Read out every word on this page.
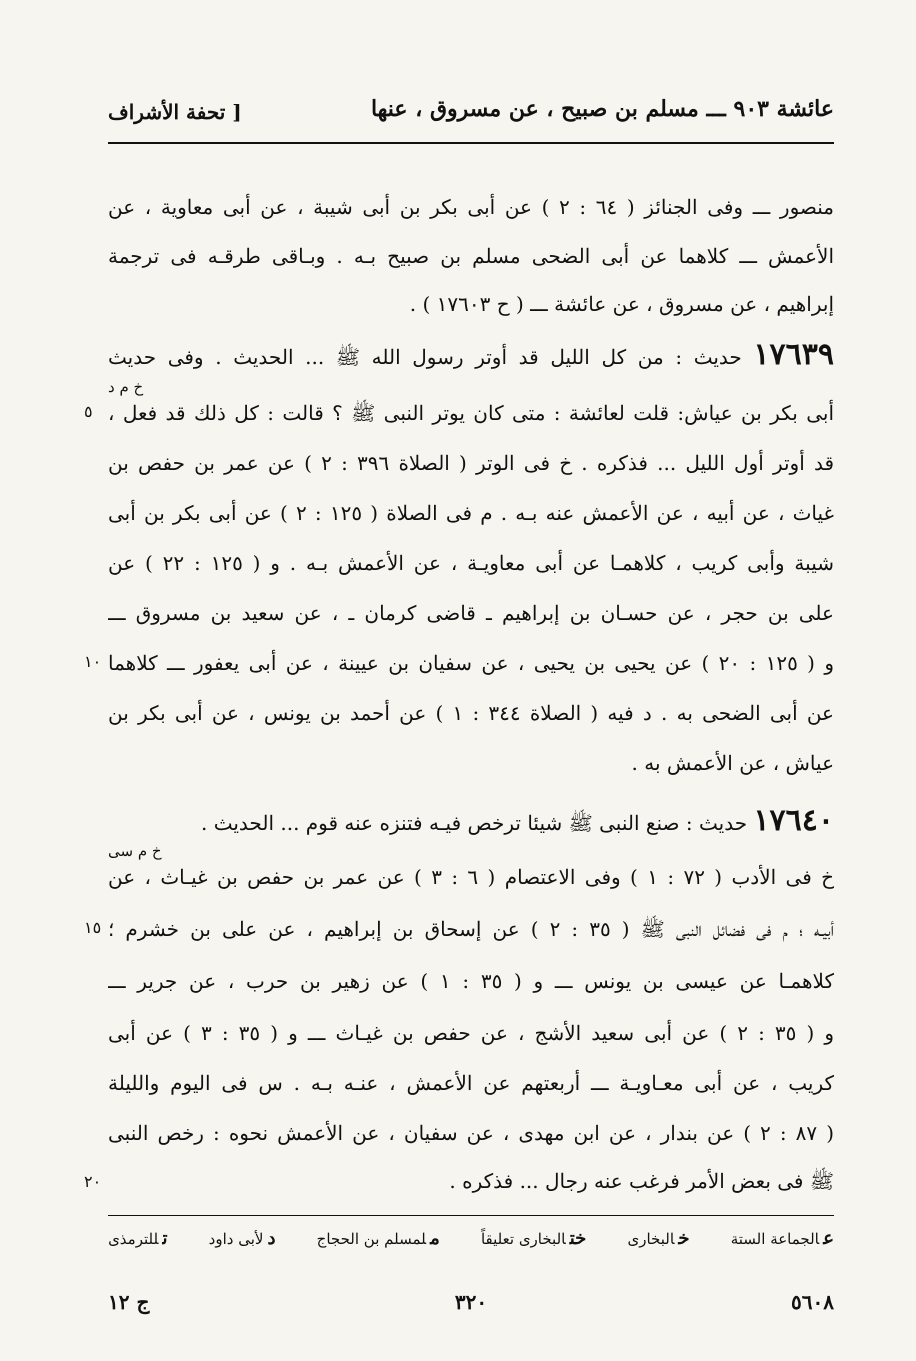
عائشة ٩٠٣ ـــ مسلم بن صبيح ، عن مسروق ، عنها
[ تحفة الأشراف
منصور ـــ وفى الجنائز ( ٦٤ : ٢ ) عن أبى بكر بن أبى شيبة ، عن أبى معاوية ، عن
الأعمش ـــ كلاهما عن أبى الضحى مسلم بن صبيح بـه . وبـاقى طرقـه فى ترجمة
إبراهيم ، عن مسروق ، عن عائشة ـــ ( ح ١٧٦٠٣ ) .
١٧٦٣٩ حديث : من كل الليل قد أوتر رسول الله ﷺ ... الحديث . وفى حديث
خ م د
أبى بكر بن عياش: قلت لعائشة : متى كان يوتر النبى ﷺ ؟ قالت : كل ذلك قد فعل ،
٥
قد أوتر أول الليل ... فذكره . خ فى الوتر ( الصلاة ٣٩٦ : ٢ ) عن عمر بن حفص بن
غياث ، عن أبيه ، عن الأعمش عنه بـه . م فى الصلاة ( ١٢٥ : ٢ ) عن أبى بكر بن أبى
شيبة وأبى كريب ، كلاهمـا عن أبى معاويـة ، عن الأعمش بـه . و ( ١٢٥ : ٢٢ ) عن
على بن حجر ، عن حسـان بن إبراهيم ـ قاضى كرمان ـ ، عن سعيد بن مسروق ـــ
و ( ١٢٥ : ٢٠ ) عن يحيى بن يحيى ، عن سفيان بن عيينة ، عن أبى يعفور ـــ كلاهما
١٠
عن أبى الضحى به . د فيه ( الصلاة ٣٤٤ : ١ ) عن أحمد بن يونس ، عن أبى بكر بن
عياش ، عن الأعمش به .
١٧٦٤٠ حديث : صنع النبى ﷺ شيئا ترخص فيـه فتنزه عنه قوم ... الحديث .
خ م سى
خ فى الأدب ( ٧٢ : ١ ) وفى الاعتصام ( ٦ : ٣ ) عن عمر بن حفص بن غيـاث ، عن
أبيـه ؛ م فى فضائل النبى ﷺ ( ٣٥ : ٢ ) عن إسحاق بن إبراهيم ، عن على بن خشرم ؛
١٥
كلاهمـا عن عيسى بن يونس ـــ و ( ٣٥ : ١ ) عن زهير بن حرب ، عن جرير ـــ
و ( ٣٥ : ٢ ) عن أبى سعيد الأشج ، عن حفص بن غيـاث ـــ و ( ٣٥ : ٣ ) عن أبى
كريب ، عن أبى معـاويـة ـــ أربعتهم عن الأعمش ، عنـه بـه . س فى اليوم والليلة
( ٨٧ : ٢ ) عن بندار ، عن ابن مهدى ، عن سفيان ، عن الأعمش نحوه : رخص النبى
ﷺ فى بعض الأمر فرغب عنه رجال ... فذكره .
٢٠
عالجماعة الستة
خالبخارى
ختالبخارى تعليقاً
ملمسلم بن الحجاج
دلأبى داود
تللترمذى
٥٦٠٨
٣٢٠
ج ١٢
